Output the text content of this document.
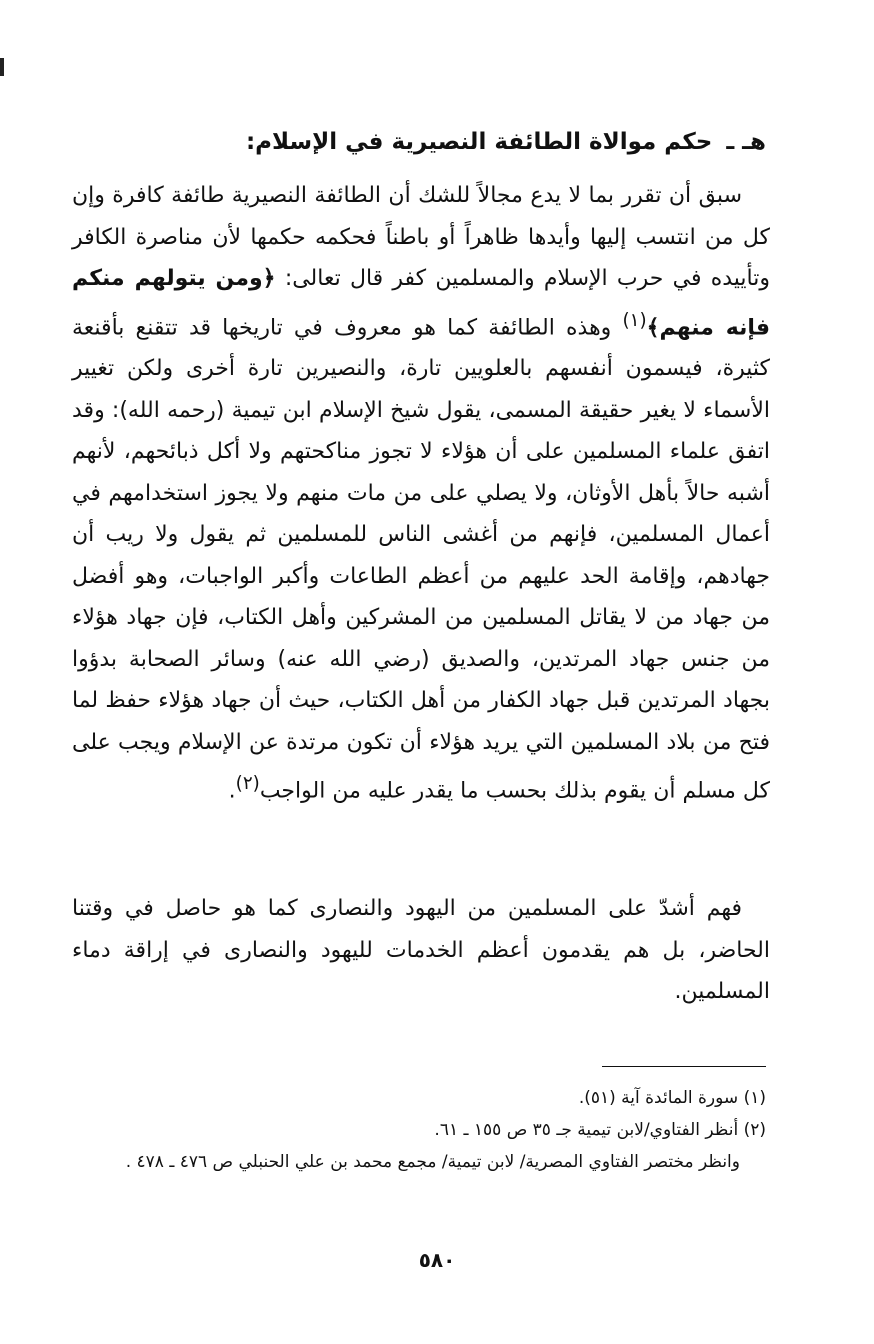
هـ ـ حكم موالاة الطائفة النصيرية في الإسلام:
سبق أن تقرر بما لا يدع مجالاً للشك أن الطائفة النصيرية طائفة كافرة وإن كل من انتسب إليها وأيدها ظاهراً أو باطناً فحكمه حكمها لأن مناصرة الكافر وتأييده في حرب الإسلام والمسلمين كفر قال تعالى: ﴿ومن يتولهم منكم فإنه منهم﴾$^{(١)}$ وهذه الطائفة كما هو معروف في تاريخها قد تتقنع بأقنعة كثيرة، فيسمون أنفسهم بالعلويين تارة، والنصيرين تارة أخرى ولكن تغيير الأسماء لا يغير حقيقة المسمى، يقول شيخ الإسلام ابن تيمية (رحمه الله): وقد اتفق علماء المسلمين على أن هؤلاء لا تجوز مناكحتهم ولا أكل ذبائحهم، لأنهم أشبه حالاً بأهل الأوثان، ولا يصلي على من مات منهم ولا يجوز استخدامهم في أعمال المسلمين، فإنهم من أغشى الناس للمسلمين ثم يقول ولا ريب أن جهادهم، وإقامة الحد عليهم من أعظم الطاعات وأكبر الواجبات، وهو أفضل من جهاد من لا يقاتل المسلمين من المشركين وأهل الكتاب، فإن جهاد هؤلاء من جنس جهاد المرتدين، والصديق (رضي الله عنه) وسائر الصحابة بدؤوا بجهاد المرتدين قبل جهاد الكفار من أهل الكتاب، حيث أن جهاد هؤلاء حفظ لما فتح من بلاد المسلمين التي يريد هؤلاء أن تكون مرتدة عن الإسلام ويجب على كل مسلم أن يقوم بذلك بحسب ما يقدر عليه من الواجب$^{(٢)}$.
فهم أشدّ على المسلمين من اليهود والنصارى كما هو حاصل في وقتنا الحاضر، بل هم يقدمون أعظم الخدمات لليهود والنصارى في إراقة دماء المسلمين.
(١) سورة المائدة آية (٥١).
(٢) أنظر الفتاوي/لابن تيمية جـ ٣٥ ص ١٥٥ ـ ٦١.
وانظر مختصر الفتاوي المصرية/ لابن تيمية/ مجمع محمد بن علي الحنبلي ص ٤٧٦ ـ ٤٧٨ .
٥٨٠
